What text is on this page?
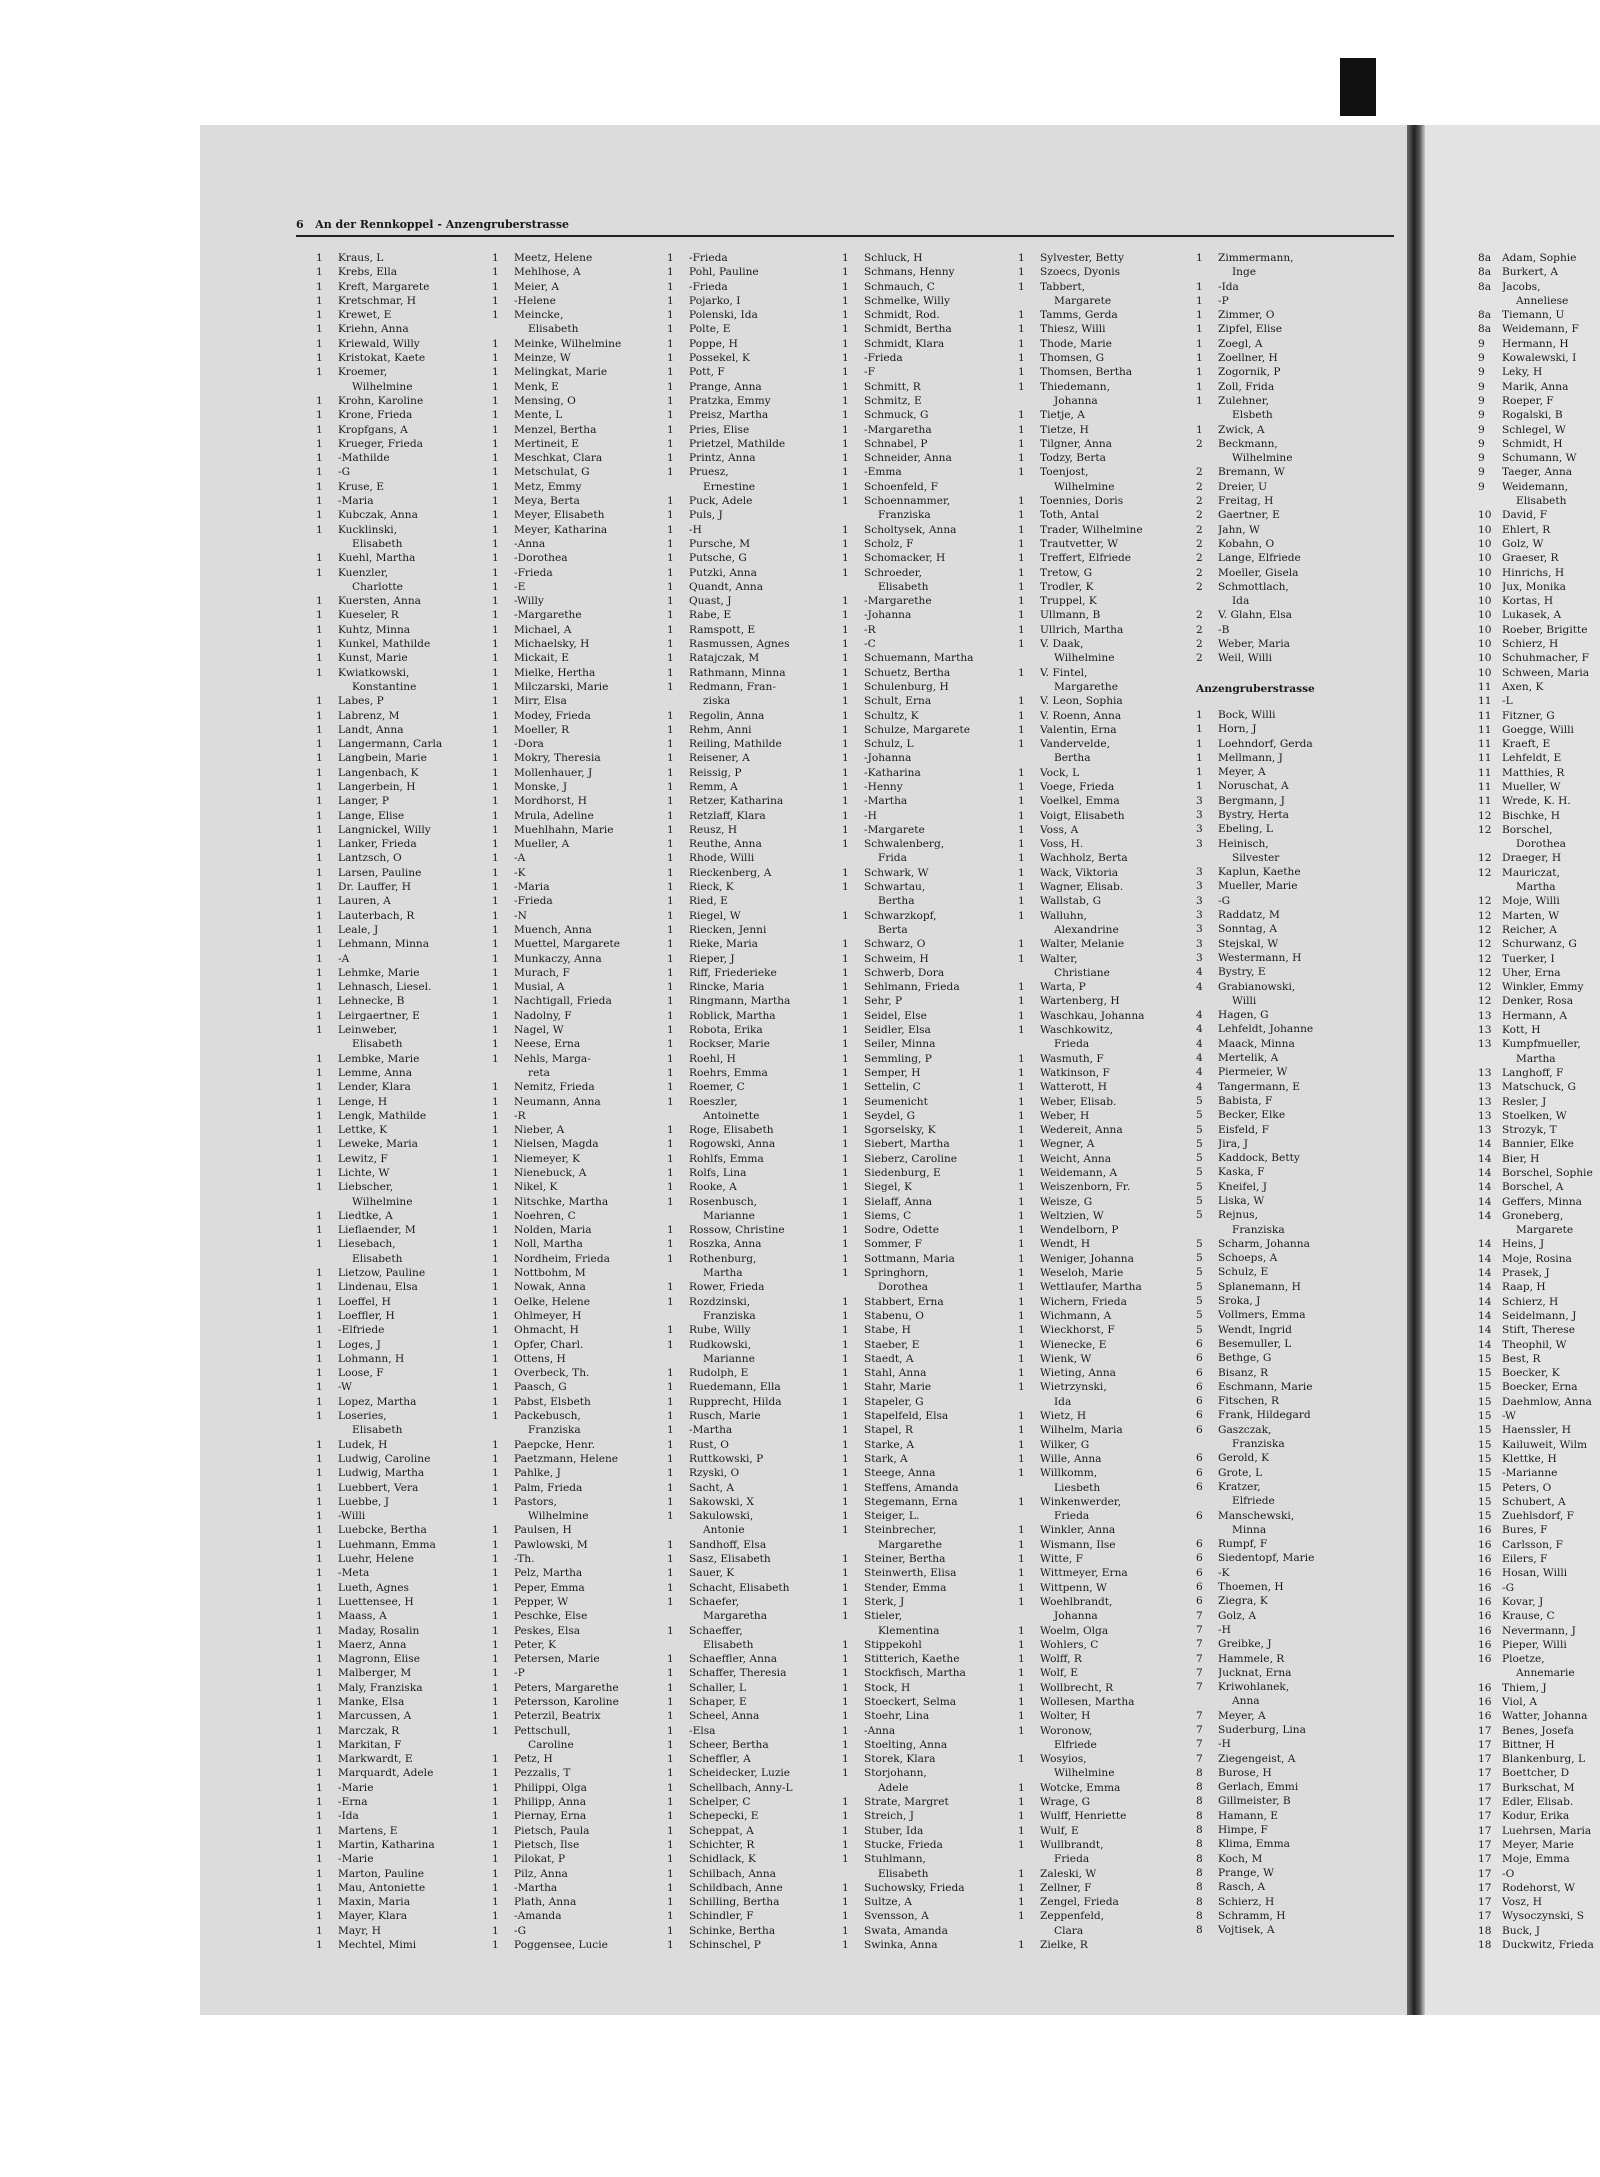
6 An der Rennkoppel - Anzengruberstrasse
1	Kraus, L
1	Krebs, Ella
1	Kreft, Margarete
1	Kretschmar, H
1	Krewet, E
1	Kriehn, Anna
1	Kriewald, Willy
1	Kristokat, Kaete
1	Kroemer,
Wilhelmine
1	Krohn, Karoline
1	Krone, Frieda
1	Kropfgans, A
1	Krueger, Frieda
1	-Mathilde
1	-G
1	Kruse, E
1	-Maria
1	Kubczak, Anna
1	Kucklinski,
Elisabeth
1	Kuehl, Martha
1	Kuenzler,
Charlotte
1	Kuersten, Anna
1	Kueseler, R
1	Kuhtz, Minna
1	Kunkel, Mathilde
1	Kunst, Marie
1	Kwiatkowski,
Konstantine
1	Labes, P
1	Labrenz, M
1	Landt, Anna
1	Langermann, Carla
1	Langbein, Marie
1	Langenbach, K
1	Langerbein, H
1	Langer, P
1	Lange, Elise
1	Langnickel, Willy
1	Lanker, Frieda
1	Lantzsch, O
1	Larsen, Pauline
1	Dr. Lauffer, H
1	Lauren, A
1	Lauterbach, R
1	Leale, J
1	Lehmann, Minna
1	-A
1	Lehmke, Marie
1	Lehnasch, Liesel.
1	Lehnecke, B
1	Leirgaertner, E
1	Leinweber,
Elisabeth
1	Lembke, Marie
1	Lemme, Anna
1	Lender, Klara
1	Lenge, H
1	Lengk, Mathilde
1	Lettke, K
1	Leweke, Maria
1	Lewitz, F
1	Lichte, W
1	Liebscher,
Wilhelmine
1	Liedtke, A
1	Lieflaender, M
1	Liesebach,
Elisabeth
1	Lietzow, Pauline
1	Lindenau, Elsa
1	Loeffel, H
1	Loeffler, H
1	-Elfriede
1	Loges, J
1	Lohmann, H
1	Loose, F
1	-W
1	Lopez, Martha
1	Loseries,
Elisabeth
1	Ludek, H
1	Ludwig, Caroline
1	Ludwig, Martha
1	Luebbert, Vera
1	Luebbe, J
1	-Willi
1	Luebcke, Bertha
1	Luehmann, Emma
1	Luehr, Helene
1	-Meta
1	Lueth, Agnes
1	Luettensee, H
1	Maass, A
1	Maday, Rosalin
1	Maerz, Anna
1	Magronn, Elise
1	Malberger, M
1	Maly, Franziska
1	Manke, Elsa
1	Marcussen, A
1	Marczak, R
1	Markitan, F
1	Markwardt, E
1	Marquardt, Adele
1	-Marie
1	-Erna
1	-Ida
1	Martens, E
1	Martin, Katharina
1	-Marie
1	Marton, Pauline
1	Mau, Antoniette
1	Maxin, Maria
1	Mayer, Klara
1	Mayr, H
1	Mechtel, Mimi
1	Meetz, Helene
1	Mehlhose, A
1	Meier, A
1	-Helene
1	Meincke,
Elisabeth
1	Meinke, Wilhelmine
1	Meinze, W
1	Melingkat, Marie
1	Menk, E
1	Mensing, O
1	Mente, L
1	Menzel, Bertha
1	Mertineit, E
1	Meschkat, Clara
1	Metschulat, G
1	Metz, Emmy
1	Meya, Berta
1	Meyer, Elisabeth
1	Meyer, Katharina
1	-Anna
1	-Dorothea
1	-Frieda
1	-E
1	-Willy
1	-Margarethe
1	Michael, A
1	Michaelsky, H
1	Mickait, E
1	Mielke, Hertha
1	Milczarski, Marie
1	Mirr, Elsa
1	Modey, Frieda
1	Moeller, R
1	-Dora
1	Mokry, Theresia
1	Mollenhauer, J
1	Monske, J
1	Mordhorst, H
1	Mrula, Adeline
1	Muehlhahn, Marie
1	Mueller, A
1	-A
1	-K
1	-Maria
1	-Frieda
1	-N
1	Muench, Anna
1	Muettel, Margarete
1	Munkaczy, Anna
1	Murach, F
1	Musial, A
1	Nachtigall, Frieda
1	Nadolny, F
1	Nagel, W
1	Neese, Erna
1	Nehls, Marga-
reta
1	Nemitz, Frieda
1	Neumann, Anna
1	-R
1	Nieber, A
1	Nielsen, Magda
1	Niemeyer, K
1	Nienebuck, A
1	Nikel, K
1	Nitschke, Martha
1	Noehren, C
1	Nolden, Maria
1	Noll, Martha
1	Nordheim, Frieda
1	Nottbohm, M
1	Nowak, Anna
1	Oelke, Helene
1	Ohlmeyer, H
1	Ohmacht, H
1	Opfer, Charl.
1	Ottens, H
1	Overbeck, Th.
1	Paasch, G
1	Pabst, Elsbeth
1	Packebusch,
Franziska
1	Paepcke, Henr.
1	Paetzmann, Helene
1	Pahlke, J
1	Palm, Frieda
1	Pastors,
Wilhelmine
1	Paulsen, H
1	Pawlowski, M
1	-Th.
1	Pelz, Martha
1	Peper, Emma
1	Pepper, W
1	Peschke, Else
1	Peskes, Elsa
1	Peter, K
1	Petersen, Marie
1	-P
1	Peters, Margarethe
1	Petersson, Karoline
1	Peterzil, Beatrix
1	Pettschull,
Caroline
1	Petz, H
1	Pezzalis, T
1	Philippi, Olga
1	Philipp, Anna
1	Piernay, Erna
1	Pietsch, Paula
1	Pietsch, Ilse
1	Pilokat, P
1	Pilz, Anna
1	-Martha
1	Plath, Anna
1	-Amanda
1	-G
1	Poggensee, Lucie
1	-Frieda
1	Pohl, Pauline
1	-Frieda
1	Pojarko, I
1	Polenski, Ida
1	Polte, E
1	Poppe, H
1	Possekel, K
1	Pott, F
1	Prange, Anna
1	Pratzka, Emmy
1	Preisz, Martha
1	Pries, Elise
1	Prietzel, Mathilde
1	Printz, Anna
1	Pruesz,
Ernestine
1	Puck, Adele
1	Puls, J
1	-H
1	Pursche, M
1	Putsche, G
1	Putzki, Anna
1	Quandt, Anna
1	Quast, J
1	Rabe, E
1	Ramspott, E
1	Rasmussen, Agnes
1	Ratajczak, M
1	Rathmann, Minna
1	Redmann, Fran-
ziska
1	Regolin, Anna
1	Rehm, Anni
1	Reiling, Mathilde
1	Reisener, A
1	Reissig, P
1	Remm, A
1	Retzer, Katharina
1	Retzlaff, Klara
1	Reusz, H
1	Reuthe, Anna
1	Rhode, Willi
1	Rieckenberg, A
1	Rieck, K
1	Ried, E
1	Riegel, W
1	Riecken, Jenni
1	Rieke, Maria
1	Rieper, J
1	Riff, Friederieke
1	Rincke, Maria
1	Ringmann, Martha
1	Roblick, Martha
1	Robota, Erika
1	Rockser, Marie
1	Roehl, H
1	Roehrs, Emma
1	Roemer, C
1	Roeszler,
Antoinette
1	Roge, Elisabeth
1	Rogowski, Anna
1	Rohlfs, Emma
1	Rolfs, Lina
1	Rooke, A
1	Rosenbusch,
Marianne
1	Rossow, Christine
1	Roszka, Anna
1	Rothenburg,
Martha
1	Rower, Frieda
1	Rozdzinski,
Franziska
1	Rube, Willy
1	Rudkowski,
Marianne
1	Rudolph, E
1	Ruedemann, Ella
1	Rupprecht, Hilda
1	Rusch, Marie
1	-Martha
1	Rust, O
1	Ruttkowski, P
1	Rzyski, O
1	Sacht, A
1	Sakowski, X
1	Sakulowski,
Antonie
1	Sandhoff, Elsa
1	Sasz, Elisabeth
1	Sauer, K
1	Schacht, Elisabeth
1	Schaefer,
Margaretha
1	Schaeffer,
Elisabeth
1	Schaeffler, Anna
1	Schaffer, Theresia
1	Schaller, L
1	Schaper, E
1	Scheel, Anna
1	-Elsa
1	Scheer, Bertha
1	Scheffler, A
1	Scheidecker, Luzie
1	Schellbach, Anny-L
1	Schelper, C
1	Schepecki, E
1	Scheppat, A
1	Schichter, R
1	Schidlack, K
1	Schilbach, Anna
1	Schildbach, Anne
1	Schilling, Bertha
1	Schindler, F
1	Schinke, Bertha
1	Schinschel, P
1	Schluck, H
1	Schmans, Henny
1	Schmauch, C
1	Schmelke, Willy
1	Schmidt, Rod.
1	Schmidt, Bertha
1	Schmidt, Klara
1	-Frieda
1	-F
1	Schmitt, R
1	Schmitz, E
1	Schmuck, G
1	-Margaretha
1	Schnabel, P
1	Schneider, Anna
1	-Emma
1	Schoenfeld, F
1	Schoennammer,
Franziska
1	Scholtysek, Anna
1	Scholz, F
1	Schomacker, H
1	Schroeder,
Elisabeth
1	-Margarethe
1	-Johanna
1	-R
1	-C
1	Schuemann, Martha
1	Schuetz, Bertha
1	Schulenburg, H
1	Schult, Erna
1	Schultz, K
1	Schulze, Margarete
1	Schulz, L
1	-Johanna
1	-Katharina
1	-Henny
1	-Martha
1	-H
1	-Margarete
1	Schwalenberg,
Frida
1	Schwark, W
1	Schwartau,
Bertha
1	Schwarzkopf,
Berta
1	Schwarz, O
1	Schweim, H
1	Schwerb, Dora
1	Sehlmann, Frieda
1	Sehr, P
1	Seidel, Else
1	Seidler, Elsa
1	Seiler, Minna
1	Semmling, P
1	Semper, H
1	Settelin, C
1	Seumenicht
1	Seydel, G
1	Sgorselsky, K
1	Siebert, Martha
1	Sieberz, Caroline
1	Siedenburg, E
1	Siegel, K
1	Sielaff, Anna
1	Siems, C
1	Sodre, Odette
1	Sommer, F
1	Sottmann, Maria
1	Springhorn,
Dorothea
1	Stabbert, Erna
1	Stabenu, O
1	Stabe, H
1	Staeber, E
1	Staedt, A
1	Stahl, Anna
1	Stahr, Marie
1	Stapeler, G
1	Stapelfeld, Elsa
1	Stapel, R
1	Starke, A
1	Stark, A
1	Steege, Anna
1	Steffens, Amanda
1	Stegemann, Erna
1	Steiger, L.
1	Steinbrecher,
Margarethe
1	Steiner, Bertha
1	Steinwerth, Elisa
1	Stender, Emma
1	Sterk, J
1	Stieler,
Klementina
1	Stippekohl
1	Stitterich, Kaethe
1	Stockfisch, Martha
1	Stock, H
1	Stoeckert, Selma
1	Stoehr, Lina
1	-Anna
1	Stoelting, Anna
1	Storek, Klara
1	Storjohann,
Adele
1	Strate, Margret
1	Streich, J
1	Stuber, Ida
1	Stucke, Frieda
1	Stuhlmann,
Elisabeth
1	Suchowsky, Frieda
1	Sultze, A
1	Svensson, A
1	Swata, Amanda
1	Swinka, Anna
1	Sylvester, Betty
1	Szoecs, Dyonis
1	Tabbert,
Margarete
1	Tamms, Gerda
1	Thiesz, Willi
1	Thode, Marie
1	Thomsen, G
1	Thomsen, Bertha
1	Thiedemann,
Johanna
1	Tietje, A
1	Tietze, H
1	Tilgner, Anna
1	Todzy, Berta
1	Toenjost,
Wilhelmine
1	Toennies, Doris
1	Toth, Antal
1	Trader, Wilhelmine
1	Trautvetter, W
1	Treffert, Elfriede
1	Tretow, G
1	Trodler, K
1	Truppel, K
1	Ullmann, B
1	Ullrich, Martha
1	V. Daak,
Wilhelmine
1	V. Fintel,
Margarethe
1	V. Leon, Sophia
1	V. Roenn, Anna
1	Valentin, Erna
1	Vandervelde,
Bertha
1	Vock, L
1	Voege, Frieda
1	Voelkel, Emma
1	Voigt, Elisabeth
1	Voss, A
1	Voss, H.
1	Wachholz, Berta
1	Wack, Viktoria
1	Wagner, Elisab.
1	Wallstab, G
1	Walluhn,
Alexandrine
1	Walter, Melanie
1	Walter,
Christiane
1	Warta, P
1	Wartenberg, H
1	Waschkau, Johanna
1	Waschkowitz,
Frieda
1	Wasmuth, F
1	Watkinson, F
1	Watterott, H
1	Weber, Elisab.
1	Weber, H
1	Wedereit, Anna
1	Wegner, A
1	Weicht, Anna
1	Weidemann, A
1	Weiszenborn, Fr.
1	Weisze, G
1	Weltzien, W
1	Wendelborn, P
1	Wendt, H
1	Weniger, Johanna
1	Weseloh, Marie
1	Wettlaufer, Martha
1	Wichern, Frieda
1	Wichmann, A
1	Wieckhorst, F
1	Wienecke, E
1	Wienk, W
1	Wieting, Anna
1	Wietrzynski,
Ida
1	Wietz, H
1	Wilhelm, Maria
1	Wilker, G
1	Wille, Anna
1	Willkomm,
Liesbeth
1	Winkenwerder,
Frieda
1	Winkler, Anna
1	Wismann, Ilse
1	Witte, F
1	Wittmeyer, Erna
1	Wittpenn, W
1	Woehlbrandt,
Johanna
1	Woelm, Olga
1	Wohlers, C
1	Wolff, R
1	Wolf, E
1	Wollbrecht, R
1	Wollesen, Martha
1	Wolter, H
1	Woronow,
Elfriede
1	Wosyios,
Wilhelmine
1	Wotcke, Emma
1	Wrage, G
1	Wulff, Henriette
1	Wulf, E
1	Wullbrandt,
Frieda
1	Zaleski, W
1	Zellner, F
1	Zengel, Frieda
1	Zeppenfeld,
Clara
1	Zielke, R
1	Zimmermann,
Inge
1	-Ida
1	-P
1	Zimmer, O
1	Zipfel, Elise
1	Zoegl, A
1	Zoellner, H
1	Zogornik, P
1	Zoll, Frida
1	Zulehner,
Elsbeth
1	Zwick, A
2	Beckmann,
Wilhelmine
2	Bremann, W
2	Dreier, U
2	Freitag, H
2	Gaertner, E
2	Jahn, W
2	Kobahn, O
2	Lange, Elfriede
2	Moeller, Gisela
2	Schmottlach,
Ida
2	V. Glahn, Elsa
2	-B
2	Weber, Maria
2	Weil, Willi
Anzengruberstrasse
1	Bock, Willi
1	Horn, J
1	Loehndorf, Gerda
1	Mellmann, J
1	Meyer, A
1	Noruschat, A
3	Bergmann, J
3	Bystry, Herta
3	Ebeling, L
3	Heinisch,
Silvester
3	Kaplun, Kaethe
3	Mueller, Marie
3	-G
3	Raddatz, M
3	Sonntag, A
3	Stejskal, W
3	Westermann, H
4	Bystry, E
4	Grabianowski,
Willi
4	Hagen, G
4	Lehfeldt, Johanne
4	Maack, Minna
4	Mertelik, A
4	Piermeier, W
4	Tangermann, E
5	Babista, F
5	Becker, Elke
5	Eisfeld, F
5	Jira, J
5	Kaddock, Betty
5	Kaska, F
5	Kneifel, J
5	Liska, W
5	Rejnus,
Franziska
5	Scharm, Johanna
5	Schoeps, A
5	Schulz, E
5	Splanemann, H
5	Sroka, J
5	Vollmers, Emma
5	Wendt, Ingrid
6	Besemuller, L
6	Bethge, G
6	Bisanz, R
6	Eschmann, Marie
6	Fitschen, R
6	Frank, Hildegard
6	Gaszczak,
Franziska
6	Gerold, K
6	Grote, L
6	Kratzer,
Elfriede
6	Manschewski,
Minna
6	Rumpf, F
6	Siedentopf, Marie
6	-K
6	Thoemen, H
6	Ziegra, K
7	Golz, A
7	-H
7	Greibke, J
7	Hammele, R
7	Jucknat, Erna
7	Kriwohlanek,
Anna
7	Meyer, A
7	Suderburg, Lina
7	-H
7	Ziegengeist, A
8	Burose, H
8	Gerlach, Emmi
8	Gillmeister, B
8	Hamann, E
8	Himpe, F
8	Klima, Emma
8	Koch, M
8	Prange, W
8	Rasch, A
8	Schierz, H
8	Schramm, H
8	Vojtisek, A
8a	Adam, Sophie
8a	Burkert, A
8a	Jacobs,
Anneliese
8a	Tiemann, U
8a	Weidemann, F
9	Hermann, H
9	Kowalewski, I
9	Leky, H
9	Marik, Anna
9	Roeper, F
9	Rogalski, B
9	Schlegel, W
9	Schmidt, H
9	Schumann, W
9	Taeger, Anna
9	Weidemann,
Elisabeth
10 David, F
10 Ehlert, R
10 Golz, W
10 Graeser, R
10 Hinrichs, H
10 Jux, Monika
10 Kortas, H
10 Lukasek, A
10 Roeber, Brigitte
10 Schierz, H
10 Schuhmacher, F
10 Schween, Maria
11 Axen, K
11 -L
11 Fitzner, G
11 Goegge, Willi
11 Kraeft, E
11 Lehfeldt, E
11 Matthies, R
11 Mueller, W
11 Wrede, K. H.
12 Bischke, H
12 Borschel,
Dorothea
12 Draeger, H
12 Mauriczat,
Martha
12 Moje, Willi
12 Marten, W
12 Reicher, A
12 Schurwanz, G
12 Tuerker, I
12 Uher, Erna
12 Winkler, Emmy
12 Denker, Rosa
13 Hermann, A
13 Kott, H
13 Kumpfmueller,
Martha
13 Langhoff, F
13 Matschuck, G
13 Resler, J
13 Stoelken, W
13 Strozyk, T
14 Bannier, Elke
14 Bier, H
14 Borschel, Sophie
14 Borschel, A
14 Geffers, Minna
14 Groneberg,
Margarete
14 Heins, J
14 Moje, Rosina
14 Prasek, J
14 Raap, H
14 Schierz, H
14 Seidelmann, J
14 Stift, Therese
14 Theophil, W
15 Best, R
15 Boecker, K
15 Boecker, Erna
15 Daehmlow, Anna
15 -W
15 Haenssler, H
15 Kailuweit, Wilm
15 Klettke, H
15 -Marianne
15 Peters, O
15 Schubert, A
15 Zuehlsdorf, F
16 Bures, F
16 Carlsson, F
16 Eilers, F
16 Hosan, Willi
16 -G
16 Kovar, J
16 Krause, C
16 Nevermann, J
16 Pieper, Willi
16 Ploetze,
Annemarie
16 Thiem, J
16 Viol, A
16 Watter, Johanna
17 Benes, Josefa
17 Bittner, H
17 Blankenburg, L
17 Boettcher, D
17 Burkschat, M
17 Edler, Elisab.
17 Kodur, Erika
17 Luehrsen, Maria
17 Meyer, Marie
17 Moje, Emma
17 -O
17 Rodehorst, W
17 Vosz, H
17 Wysoczynski, S
18 Buck, J
18 Duckwitz, Frieda
